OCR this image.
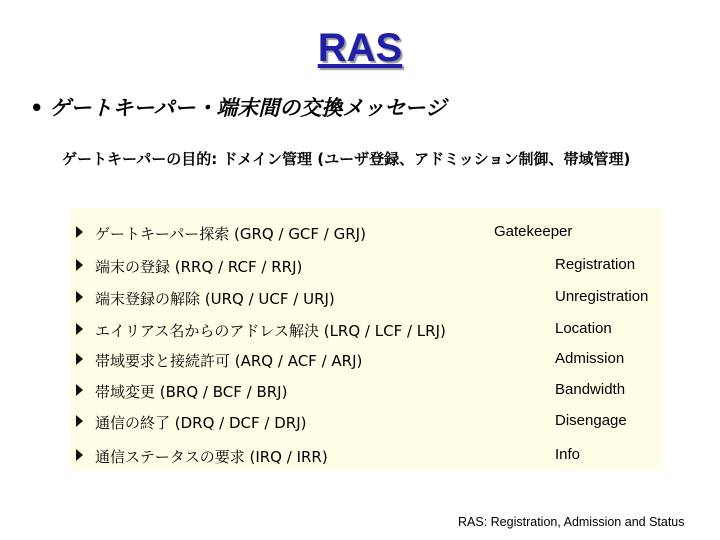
RAS
• ゲートキーパー・端末間の交換メッセージ
ゲートキーパーの目的: ドメイン管理 (ユーザ登録、アドミッション制御、帯域管理)
ゲートキーパー探索 (GRQ / GCF / GRJ)	Gatekeeper
端末の登録 (RRQ / RCF / RRJ)	Registration
端末登録の解除 (URQ / UCF / URJ)	Unregistration
エイリアス名からのアドレス解決 (LRQ / LCF / LRJ)	Location
帯域要求と接続許可 (ARQ / ACF / ARJ)	Admission
帯域変更 (BRQ / BCF / BRJ)	Bandwidth
通信の終了 (DRQ / DCF / DRJ)	Disengage
通信ステータスの要求 (IRQ / IRR)	Info
RAS: Registration, Admission and Status
